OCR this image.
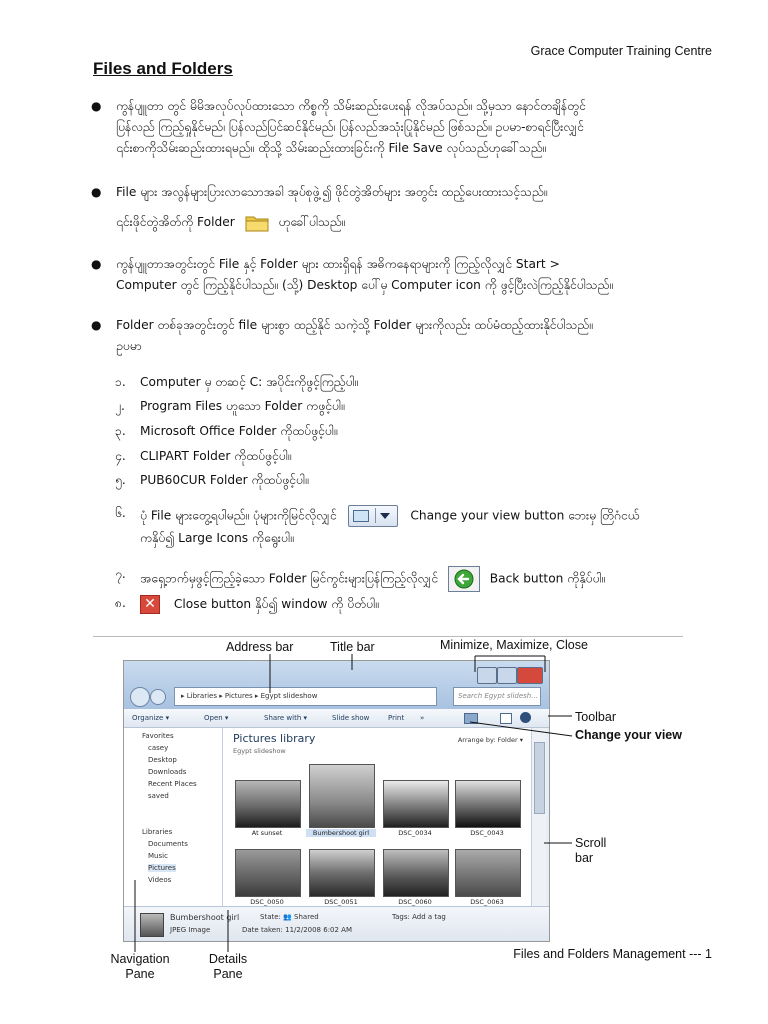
Grace Computer Training Centre
Files and Folders
● ကွန်ပျူတာ တွင် မိမိအလုပ်လုပ်ထားသော ကိစ္စကို သိမ်းဆည်းပေးရန် လိုအပ်သည်။ သို့မှသာ နောင်တချိန်တွင်
ပြန်လည် ကြည့်ရှုနိုင်မည်၊ ပြန်လည်ပြင်ဆင်နိုင်မည်၊ ပြန်လည်အသုံးပြုနိုင်မည် ဖြစ်သည်။ ဥပမာ-စာရင်ပြီးလျှင်
၎င်းစာကိုသိမ်းဆည်းထားရမည်။ ထိုသို့ သိမ်းဆည်းထားခြင်းကို File Save လုပ်သည်ဟုခေါ်သည်။
● File များ အလွန်များပြားလာသောအခါ အုပ်စုဖွဲ့၍ ဖိုင်တွဲအိတ်များ အတွင်း ထည့်ပေးထားသင့်သည်။
၎င်းဖိုင်တွဲအိတ်ကို Folder	ဟုခေါ်ပါသည်။
● ကွန်ပျူတာအတွင်းတွင် File နှင့် Folder များ ထားရှိရန် အဓိကနေရာများကို ကြည့်လိုလျှင် Start >
Computer တွင် ကြည့်နိုင်ပါသည်။ (သို့) Desktop ပေါ်မှ Computer icon ကို ဖွင့်ပြီးလဲကြည့်နိုင်ပါသည်။
● Folder တစ်ခုအတွင်းတွင် file များစွာ ထည့်နိုင် သကဲ့သို့ Folder များကိုလည်း ထပ်မံထည့်ထားနိုင်ပါသည်။
ဥပမာ
၁.	Computer မှ တဆင့် C: အပိုင်းကိုဖွင့်ကြည့်ပါ။
၂.	Program Files ဟူသော Folder ကဖွင့်ပါ။
၃.	Microsoft Office Folder ကိုထပ်ဖွင့်ပါ။
၄.	CLIPART Folder ကိုထပ်ဖွင့်ပါ။
၅.	PUB60CUR Folder ကိုထပ်ဖွင့်ပါ။
၆.	ပုံ File များတွေ့ရပါမည်။ ပုံများကိုမြင်လိုလျှင်	Change your view button ဘေးမှ တြိဂံငယ်
ကနှိပ်၍ Large Icons ကိုရွေးပါ။
၇.	အရှေ့ဘက်မှဖွင့်ကြည့်ခဲ့သော Folder မြင်ကွင်းများပြန်ကြည့်လိုလျှင်	Back button ကိုနှိပ်ပါ။
၈.	✕ Close button နှိပ်၍ window ကို ပိတ်ပါ။
Address bar	Title bar	Minimize, Maximize, Close
Toolbar
Change your view
Scroll bar
Navigation Pane
Details Pane
▸ Libraries ▸ Pictures ▸ Egypt slideshow	Search Egypt slidesh...
Organize ▾	Open ▾	Share with ▾	Slide show	Print »
Favorites
casey
Desktop
Downloads
Recent Places
saved
Libraries
Documents
Music
Pictures
Videos
Pictures library
Egypt slideshow
Arrange by: Folder ▾
At sunset	Bumbershoot girl	DSC_0034	DSC_0043
DSC_0050	DSC_0051	DSC_0060	DSC_0063
Bumbershoot girl
JPEG Image
State: 👥 Shared
Date taken: 11/2/2008 6:02 AM
Tags: Add a tag
Files and Folders Management --- 1
